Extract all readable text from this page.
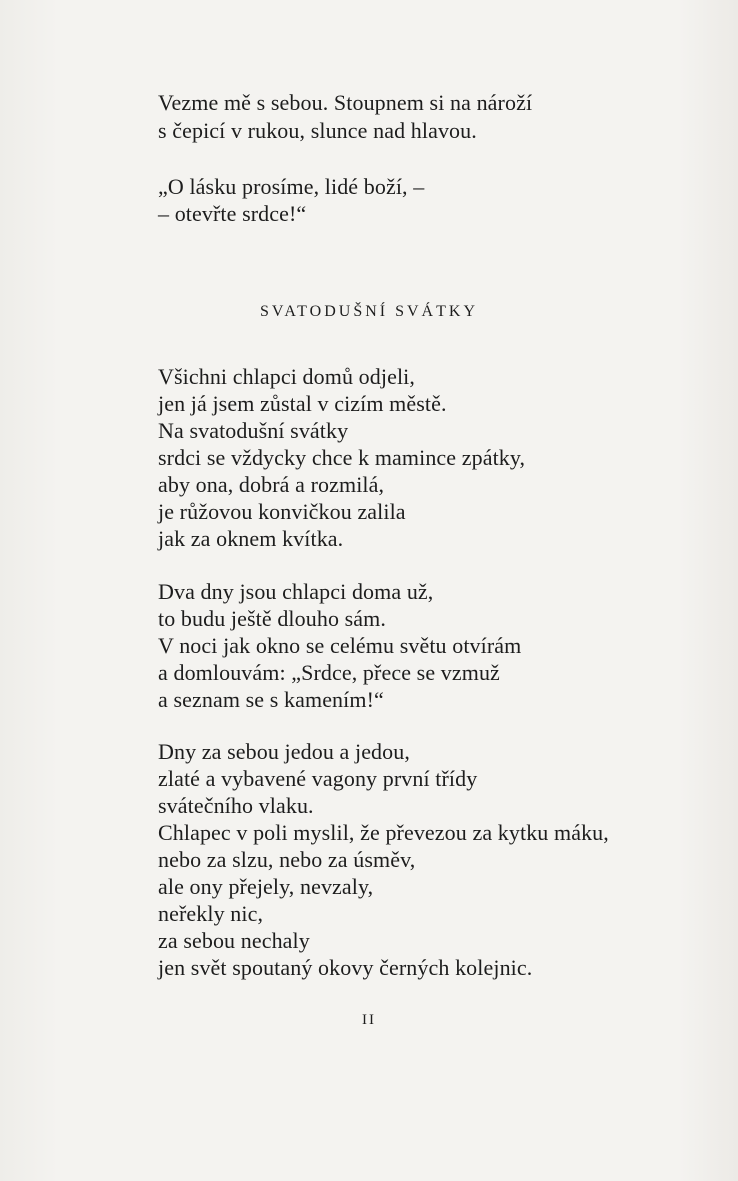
Vezme mě s sebou. Stoupnem si na nároží
s čepicí v rukou, slunce nad hlavou.
„O lásku prosíme, lidé boží, –
– otevřte srdce!“
SVATODUŠNÍ SVÁTKY
Všichni chlapci domů odjeli,
jen já jsem zůstal v cizím městě.
Na svatodušní svátky
srdci se vždycky chce k mamince zpátky,
aby ona, dobrá a rozmilá,
je růžovou konvičkou zalila
jak za oknem kvítka.
Dva dny jsou chlapci doma už,
to budu ještě dlouho sám.
V noci jak okno se celému světu otvírám
a domlouvám: „Srdce, přece se vzmuž
a seznam se s kamením!“
Dny za sebou jedou a jedou,
zlaté a vybavené vagony první třídy
svátečního vlaku.
Chlapec v poli myslil, že převezou za kytku máku,
nebo za slzu, nebo za úsměv,
ale ony přejely, nevzaly,
neřekly nic,
za sebou nechaly
jen svět spoutaný okovy černých kolejnic.
II
